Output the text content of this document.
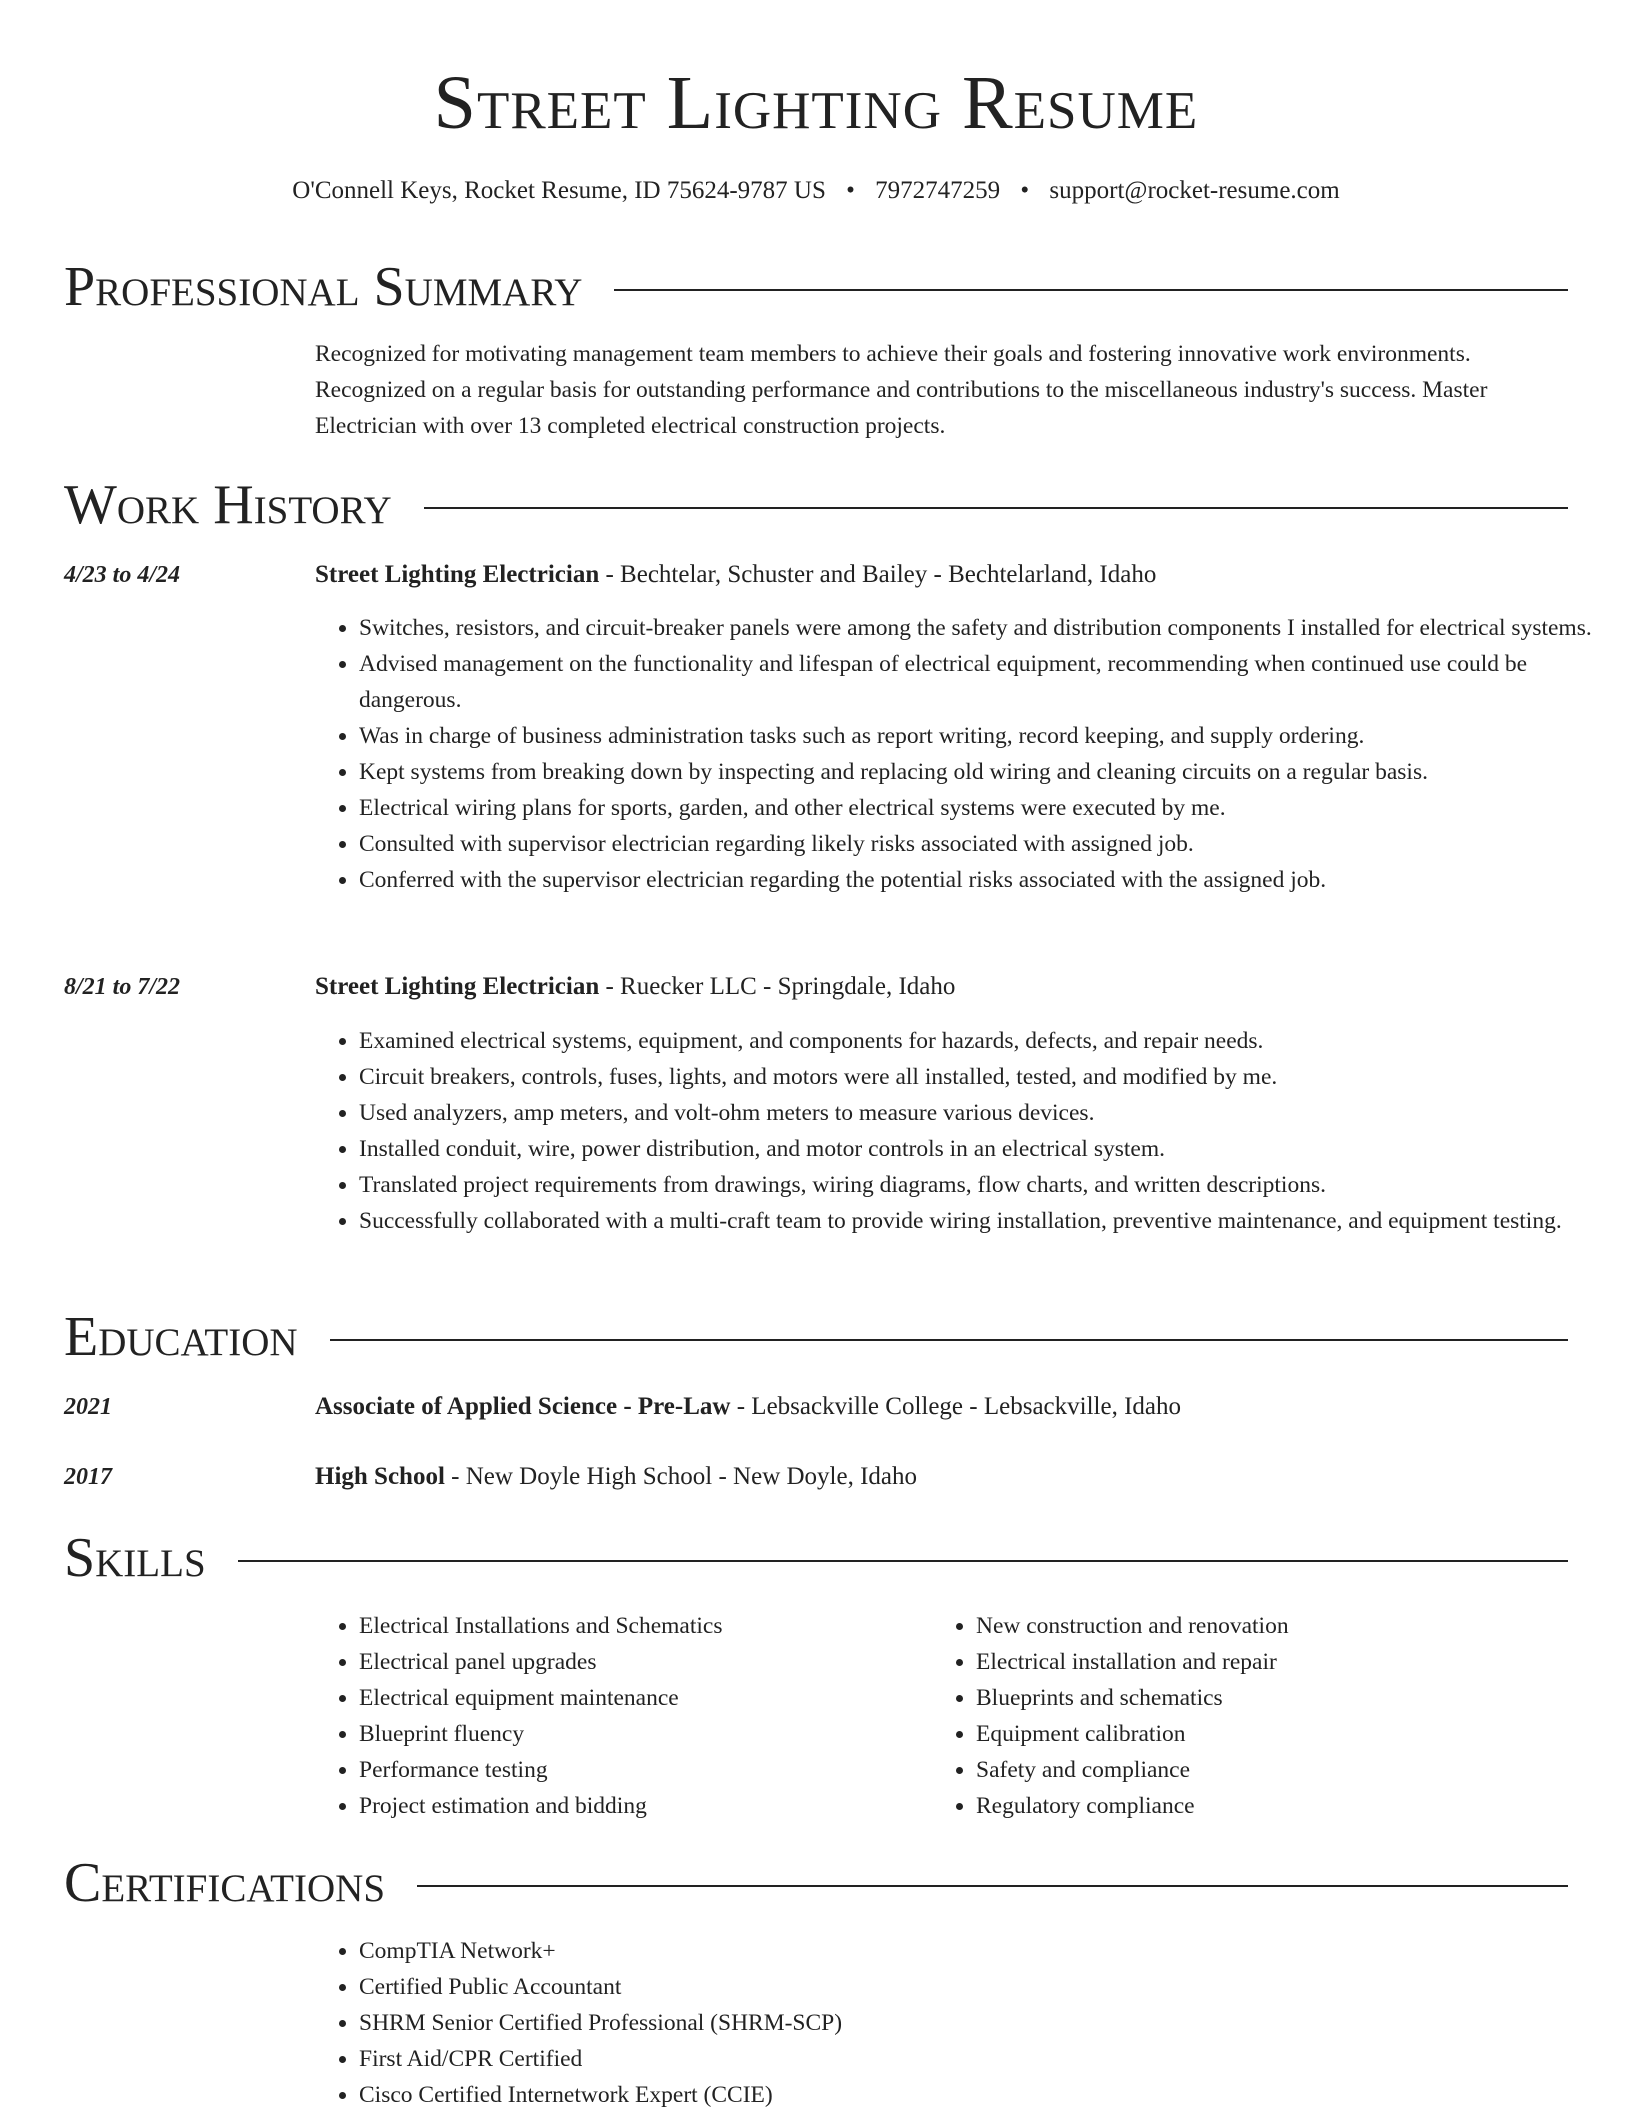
Street Lighting Resume
O'Connell Keys, Rocket Resume, ID 75624-9787 US • 7972747259 • support@rocket-resume.com
Professional Summary
Recognized for motivating management team members to achieve their goals and fostering innovative work environments. Recognized on a regular basis for outstanding performance and contributions to the miscellaneous industry's success. Master Electrician with over 13 completed electrical construction projects.
Work History
4/23 to 4/24	Street Lighting Electrician - Bechtelar, Schuster and Bailey - Bechtelarland, Idaho
• Switches, resistors, and circuit-breaker panels were among the safety and distribution components I installed for electrical systems.
• Advised management on the functionality and lifespan of electrical equipment, recommending when continued use could be dangerous.
• Was in charge of business administration tasks such as report writing, record keeping, and supply ordering.
• Kept systems from breaking down by inspecting and replacing old wiring and cleaning circuits on a regular basis.
• Electrical wiring plans for sports, garden, and other electrical systems were executed by me.
• Consulted with supervisor electrician regarding likely risks associated with assigned job.
• Conferred with the supervisor electrician regarding the potential risks associated with the assigned job.
8/21 to 7/22	Street Lighting Electrician - Ruecker LLC - Springdale, Idaho
• Examined electrical systems, equipment, and components for hazards, defects, and repair needs.
• Circuit breakers, controls, fuses, lights, and motors were all installed, tested, and modified by me.
• Used analyzers, amp meters, and volt-ohm meters to measure various devices.
• Installed conduit, wire, power distribution, and motor controls in an electrical system.
• Translated project requirements from drawings, wiring diagrams, flow charts, and written descriptions.
• Successfully collaborated with a multi-craft team to provide wiring installation, preventive maintenance, and equipment testing.
Education
2021	Associate of Applied Science - Pre-Law - Lebsackville College - Lebsackville, Idaho
2017	High School - New Doyle High School - New Doyle, Idaho
Skills
• Electrical Installations and Schematics
• Electrical panel upgrades
• Electrical equipment maintenance
• Blueprint fluency
• Performance testing
• Project estimation and bidding
• New construction and renovation
• Electrical installation and repair
• Blueprints and schematics
• Equipment calibration
• Safety and compliance
• Regulatory compliance
Certifications
• CompTIA Network+
• Certified Public Accountant
• SHRM Senior Certified Professional (SHRM-SCP)
• First Aid/CPR Certified
• Cisco Certified Internetwork Expert (CCIE)
